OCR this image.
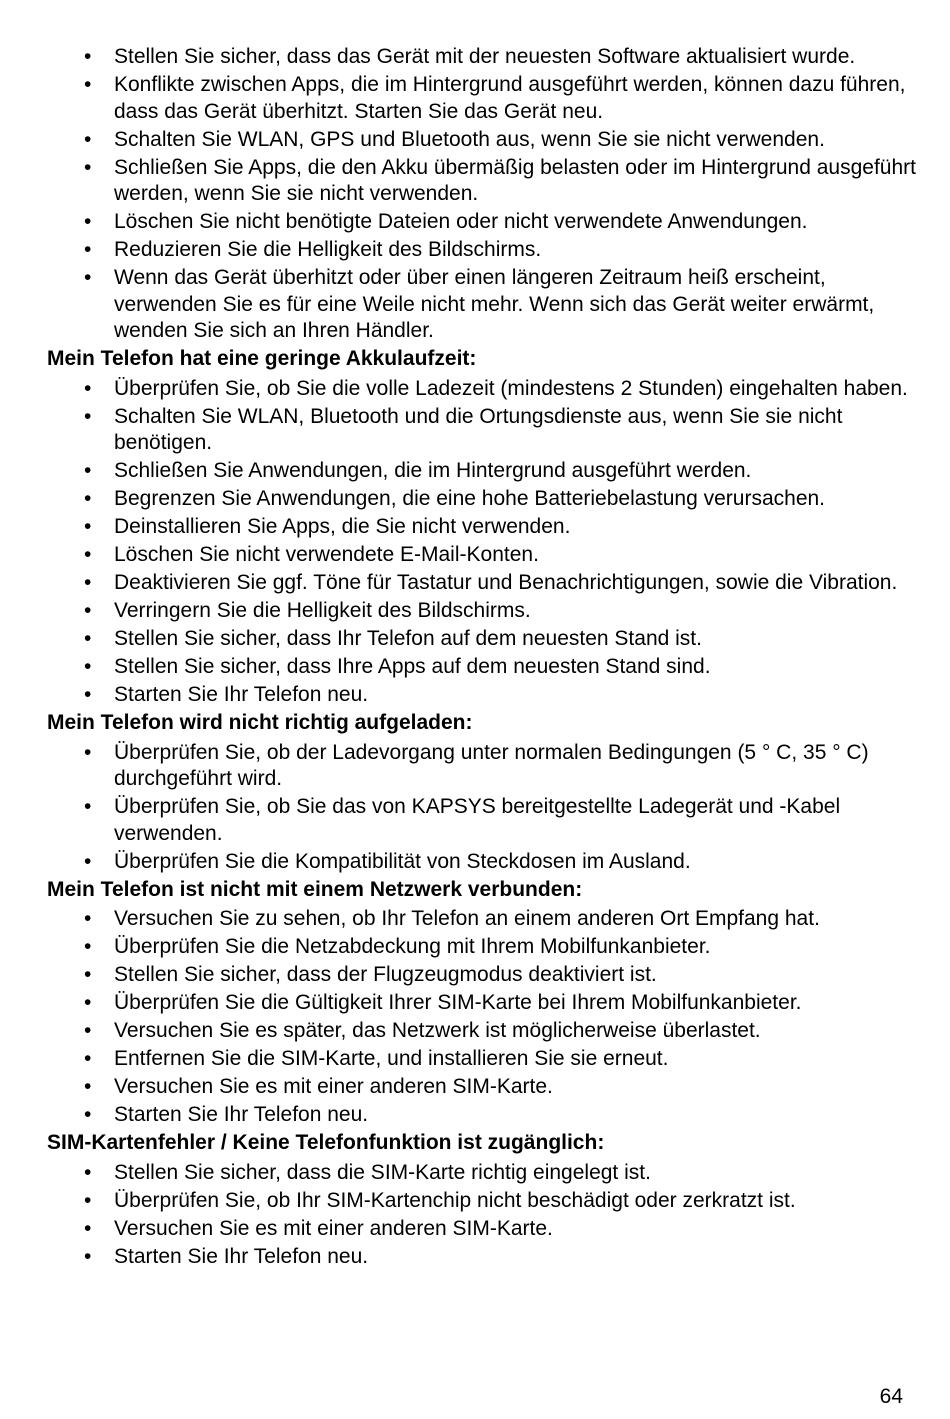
• Stellen Sie sicher, dass das Gerät mit der neuesten Software aktualisiert wurde.
• Konflikte zwischen Apps, die im Hintergrund ausgeführt werden, können dazu führen, dass das Gerät überhitzt. Starten Sie das Gerät neu.
• Schalten Sie WLAN, GPS und Bluetooth aus, wenn Sie sie nicht verwenden.
• Schließen Sie Apps, die den Akku übermäßig belasten oder im Hintergrund ausgeführt werden, wenn Sie sie nicht verwenden.
• Löschen Sie nicht benötigte Dateien oder nicht verwendete Anwendungen.
• Reduzieren Sie die Helligkeit des Bildschirms.
• Wenn das Gerät überhitzt oder über einen längeren Zeitraum heiß erscheint, verwenden Sie es für eine Weile nicht mehr. Wenn sich das Gerät weiter erwärmt, wenden Sie sich an Ihren Händler.
Mein Telefon hat eine geringe Akkulaufzeit:
• Überprüfen Sie, ob Sie die volle Ladezeit (mindestens 2 Stunden) eingehalten haben.
• Schalten Sie WLAN, Bluetooth und die Ortungsdienste aus, wenn Sie sie nicht benötigen.
• Schließen Sie Anwendungen, die im Hintergrund ausgeführt werden.
• Begrenzen Sie Anwendungen, die eine hohe Batteriebelastung verursachen.
• Deinstallieren Sie Apps, die Sie nicht verwenden.
• Löschen Sie nicht verwendete E-Mail-Konten.
• Deaktivieren Sie ggf. Töne für Tastatur und Benachrichtigungen, sowie die Vibration.
• Verringern Sie die Helligkeit des Bildschirms.
• Stellen Sie sicher, dass Ihr Telefon auf dem neuesten Stand ist.
• Stellen Sie sicher, dass Ihre Apps auf dem neuesten Stand sind.
• Starten Sie Ihr Telefon neu.
Mein Telefon wird nicht richtig aufgeladen:
• Überprüfen Sie, ob der Ladevorgang unter normalen Bedingungen (5 ° C, 35 ° C) durchgeführt wird.
• Überprüfen Sie, ob Sie das von KAPSYS bereitgestellte Ladegerät und -Kabel verwenden.
• Überprüfen Sie die Kompatibilität von Steckdosen im Ausland.
Mein Telefon ist nicht mit einem Netzwerk verbunden:
• Versuchen Sie zu sehen, ob Ihr Telefon an einem anderen Ort Empfang hat.
• Überprüfen Sie die Netzabdeckung mit Ihrem Mobilfunkanbieter.
• Stellen Sie sicher, dass der Flugzeugmodus deaktiviert ist.
• Überprüfen Sie die Gültigkeit Ihrer SIM-Karte bei Ihrem Mobilfunkanbieter.
• Versuchen Sie es später, das Netzwerk ist möglicherweise überlastet.
• Entfernen Sie die SIM-Karte, und installieren Sie sie erneut.
• Versuchen Sie es mit einer anderen SIM-Karte.
• Starten Sie Ihr Telefon neu.
SIM-Kartenfehler / Keine Telefonfunktion ist zugänglich:
• Stellen Sie sicher, dass die SIM-Karte richtig eingelegt ist.
• Überprüfen Sie, ob Ihr SIM-Kartenchip nicht beschädigt oder zerkratzt ist.
• Versuchen Sie es mit einer anderen SIM-Karte.
• Starten Sie Ihr Telefon neu.
64
